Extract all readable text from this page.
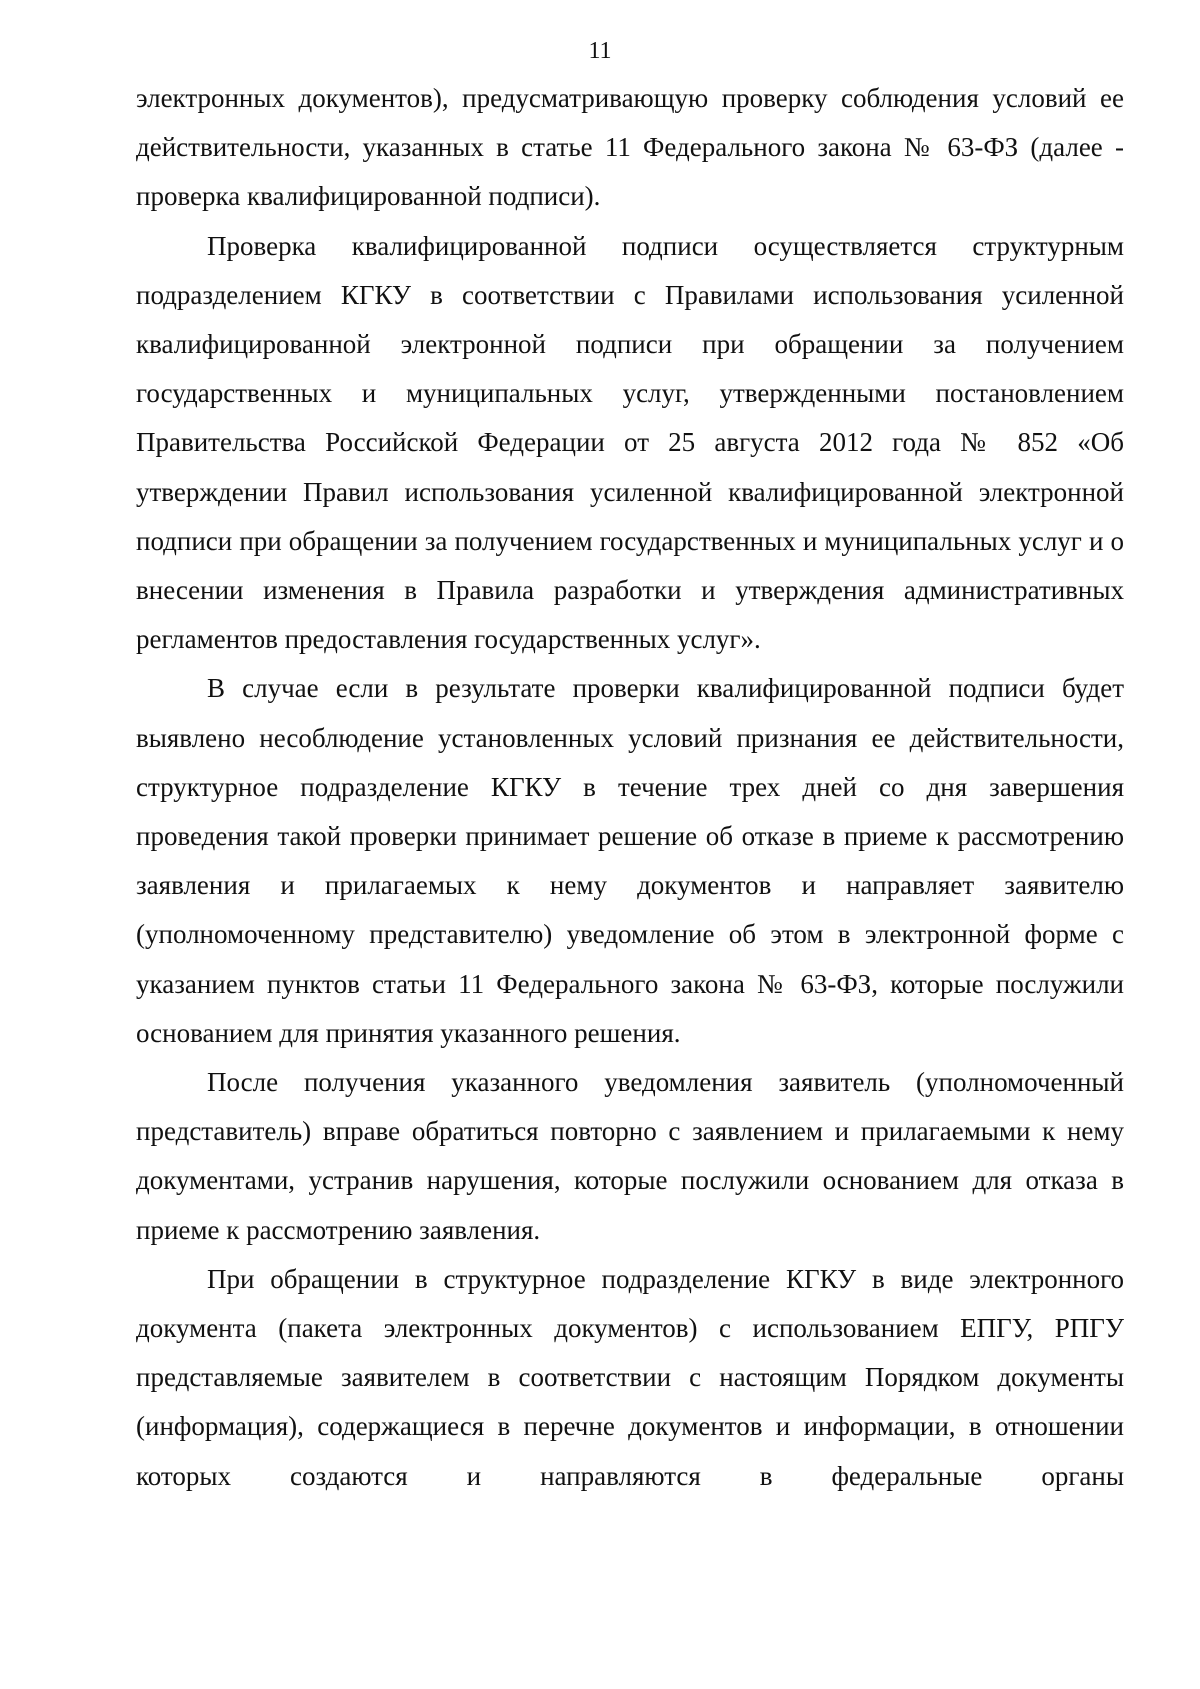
11

электронных документов), предусматривающую проверку соблюдения условий ее действительности, указанных в статье 11 Федерального закона № 63-ФЗ (далее - проверка квалифицированной подписи).

Проверка квалифицированной подписи осуществляется структурным подразделением КГКУ в соответствии с Правилами использования усиленной квалифицированной электронной подписи при обращении за получением государственных и муниципальных услуг, утвержденными постановлением Правительства Российской Федерации от 25 августа 2012 года № 852 «Об утверждении Правил использования усиленной квалифицированной электронной подписи при обращении за получением государственных и муниципальных услуг и о внесении изменения в Правила разработки и утверждения административных регламентов предоставления государственных услуг».

В случае если в результате проверки квалифицированной подписи будет выявлено несоблюдение установленных условий признания ее действительности, структурное подразделение КГКУ в течение трех дней со дня завершения проведения такой проверки принимает решение об отказе в приеме к рассмотрению заявления и прилагаемых к нему документов и направляет заявителю (уполномоченному представителю) уведомление об этом в электронной форме с указанием пунктов статьи 11 Федерального закона № 63-ФЗ, которые послужили основанием для принятия указанного решения.

После получения указанного уведомления заявитель (уполномоченный представитель) вправе обратиться повторно с заявлением и прилагаемыми к нему документами, устранив нарушения, которые послужили основанием для отказа в приеме к рассмотрению заявления.

При обращении в структурное подразделение КГКУ в виде электронного документа (пакета электронных документов) с использованием ЕПГУ, РПГУ представляемые заявителем в соответствии с настоящим Порядком документы (информация), содержащиеся в перечне документов и информации, в отношении которых создаются и направляются в федеральные органы
